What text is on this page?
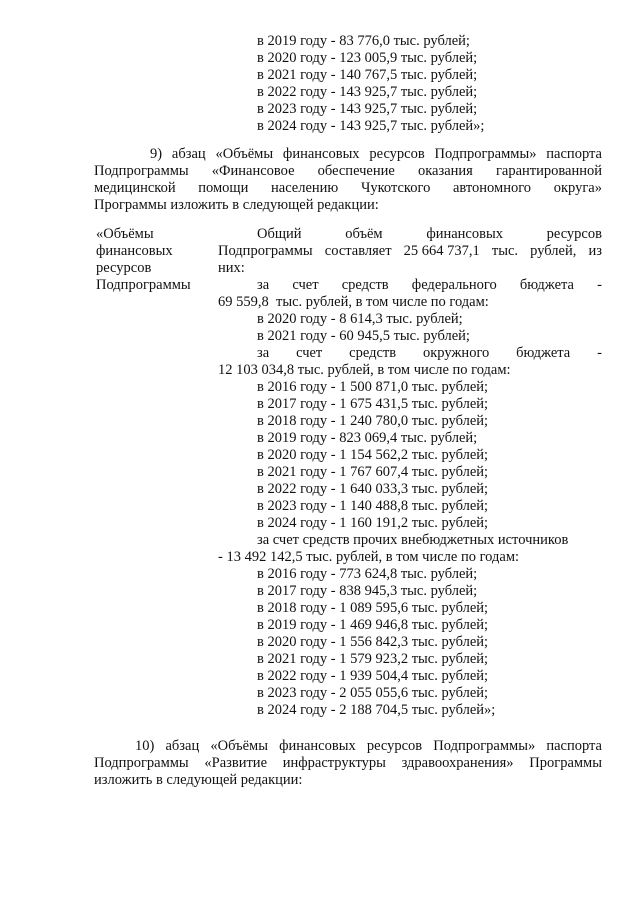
в 2019 году - 83 776,0 тыс. рублей;
в 2020 году - 123 005,9 тыс. рублей;
в 2021 году - 140 767,5 тыс. рублей;
в 2022 году - 143 925,7 тыс. рублей;
в 2023 году - 143 925,7 тыс. рублей;
в 2024 году - 143 925,7 тыс. рублей»;
9) абзац «Объёмы финансовых ресурсов Подпрограммы» паспорта
Подпрограммы «Финансовое обеспечение оказания гарантированной
медицинской помощи населению Чукотского автономного округа»
Программы изложить в следующей редакции:
«Объёмы
финансовых
ресурсов
Подпрограммы
Общий	объём	финансовых	ресурсов
Подпрограммы составляет 25 664 737,1 тыс. рублей, из
них:
за счет средств федерального бюджета -
69 559,8  тыс. рублей, в том числе по годам:
в 2020 году - 8 614,3 тыс. рублей;
в 2021 году - 60 945,5 тыс. рублей;
за счет средств окружного бюджета -
12 103 034,8 тыс. рублей, в том числе по годам:
в 2016 году - 1 500 871,0 тыс. рублей;
в 2017 году - 1 675 431,5 тыс. рублей;
в 2018 году - 1 240 780,0 тыс. рублей;
в 2019 году - 823 069,4 тыс. рублей;
в 2020 году - 1 154 562,2 тыс. рублей;
в 2021 году - 1 767 607,4 тыс. рублей;
в 2022 году - 1 640 033,3 тыс. рублей;
в 2023 году - 1 140 488,8 тыс. рублей;
в 2024 году - 1 160 191,2 тыс. рублей;
за счет средств прочих внебюджетных источников
- 13 492 142,5 тыс. рублей, в том числе по годам:
в 2016 году - 773 624,8 тыс. рублей;
в 2017 году - 838 945,3 тыс. рублей;
в 2018 году - 1 089 595,6 тыс. рублей;
в 2019 году - 1 469 946,8 тыс. рублей;
в 2020 году - 1 556 842,3 тыс. рублей;
в 2021 году - 1 579 923,2 тыс. рублей;
в 2022 году - 1 939 504,4 тыс. рублей;
в 2023 году - 2 055 055,6 тыс. рублей;
в 2024 году - 2 188 704,5 тыс. рублей»;
10) абзац «Объёмы финансовых ресурсов Подпрограммы» паспорта
Подпрограммы «Развитие инфраструктуры здравоохранения» Программы
изложить в следующей редакции:
